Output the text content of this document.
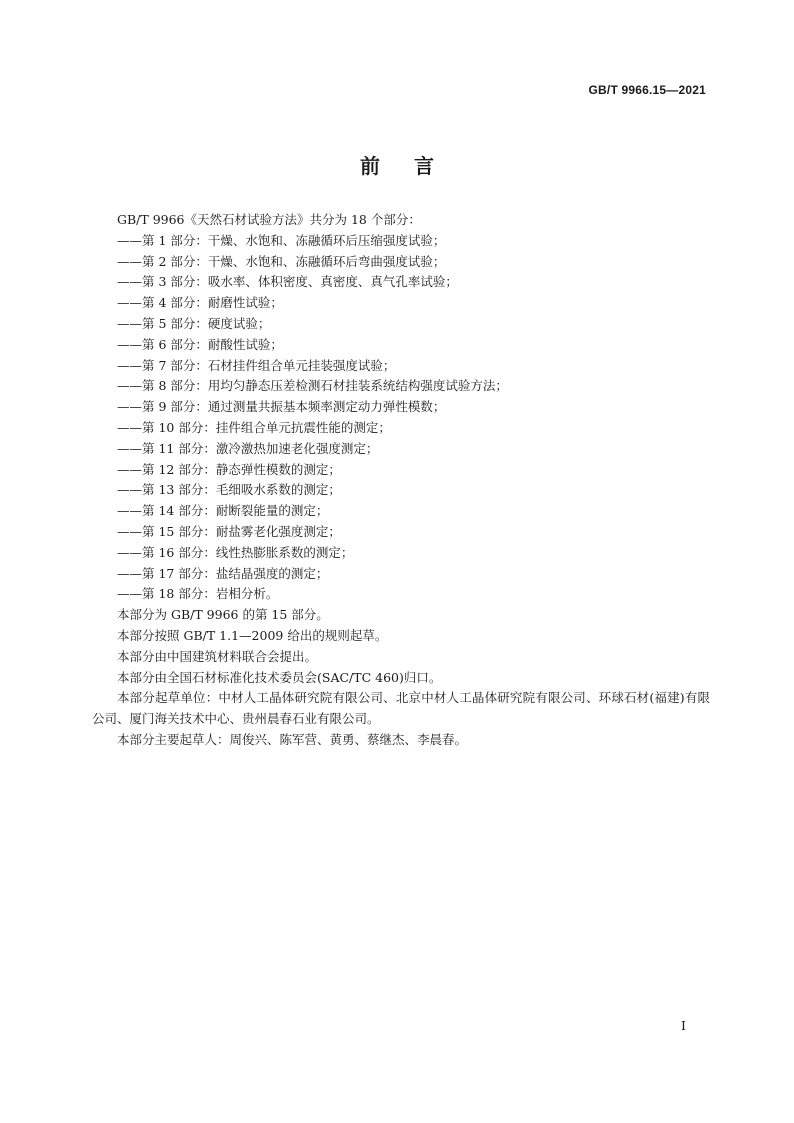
GB/T 9966.15—2021
前言
GB/T 9966《天然石材试验方法》共分为 18 个部分：
——第 1 部分：干燥、水饱和、冻融循环后压缩强度试验；
——第 2 部分：干燥、水饱和、冻融循环后弯曲强度试验；
——第 3 部分：吸水率、体积密度、真密度、真气孔率试验；
——第 4 部分：耐磨性试验；
——第 5 部分：硬度试验；
——第 6 部分：耐酸性试验；
——第 7 部分：石材挂件组合单元挂装强度试验；
——第 8 部分：用均匀静态压差检测石材挂装系统结构强度试验方法；
——第 9 部分：通过测量共振基本频率测定动力弹性模数；
——第 10 部分：挂件组合单元抗震性能的测定；
——第 11 部分：激冷激热加速老化强度测定；
——第 12 部分：静态弹性模数的测定；
——第 13 部分：毛细吸水系数的测定；
——第 14 部分：耐断裂能量的测定；
——第 15 部分：耐盐雾老化强度测定；
——第 16 部分：线性热膨胀系数的测定；
——第 17 部分：盐结晶强度的测定；
——第 18 部分：岩相分析。
本部分为 GB/T 9966 的第 15 部分。
本部分按照 GB/T 1.1—2009 给出的规则起草。
本部分由中国建筑材料联合会提出。
本部分由全国石材标准化技术委员会(SAC/TC 460)归口。
本部分起草单位：中材人工晶体研究院有限公司、北京中材人工晶体研究院有限公司、环球石材(福建)有限公司、厦门海关技术中心、贵州晨春石业有限公司。
本部分主要起草人：周俊兴、陈军营、黄勇、蔡继杰、李晨春。
I
